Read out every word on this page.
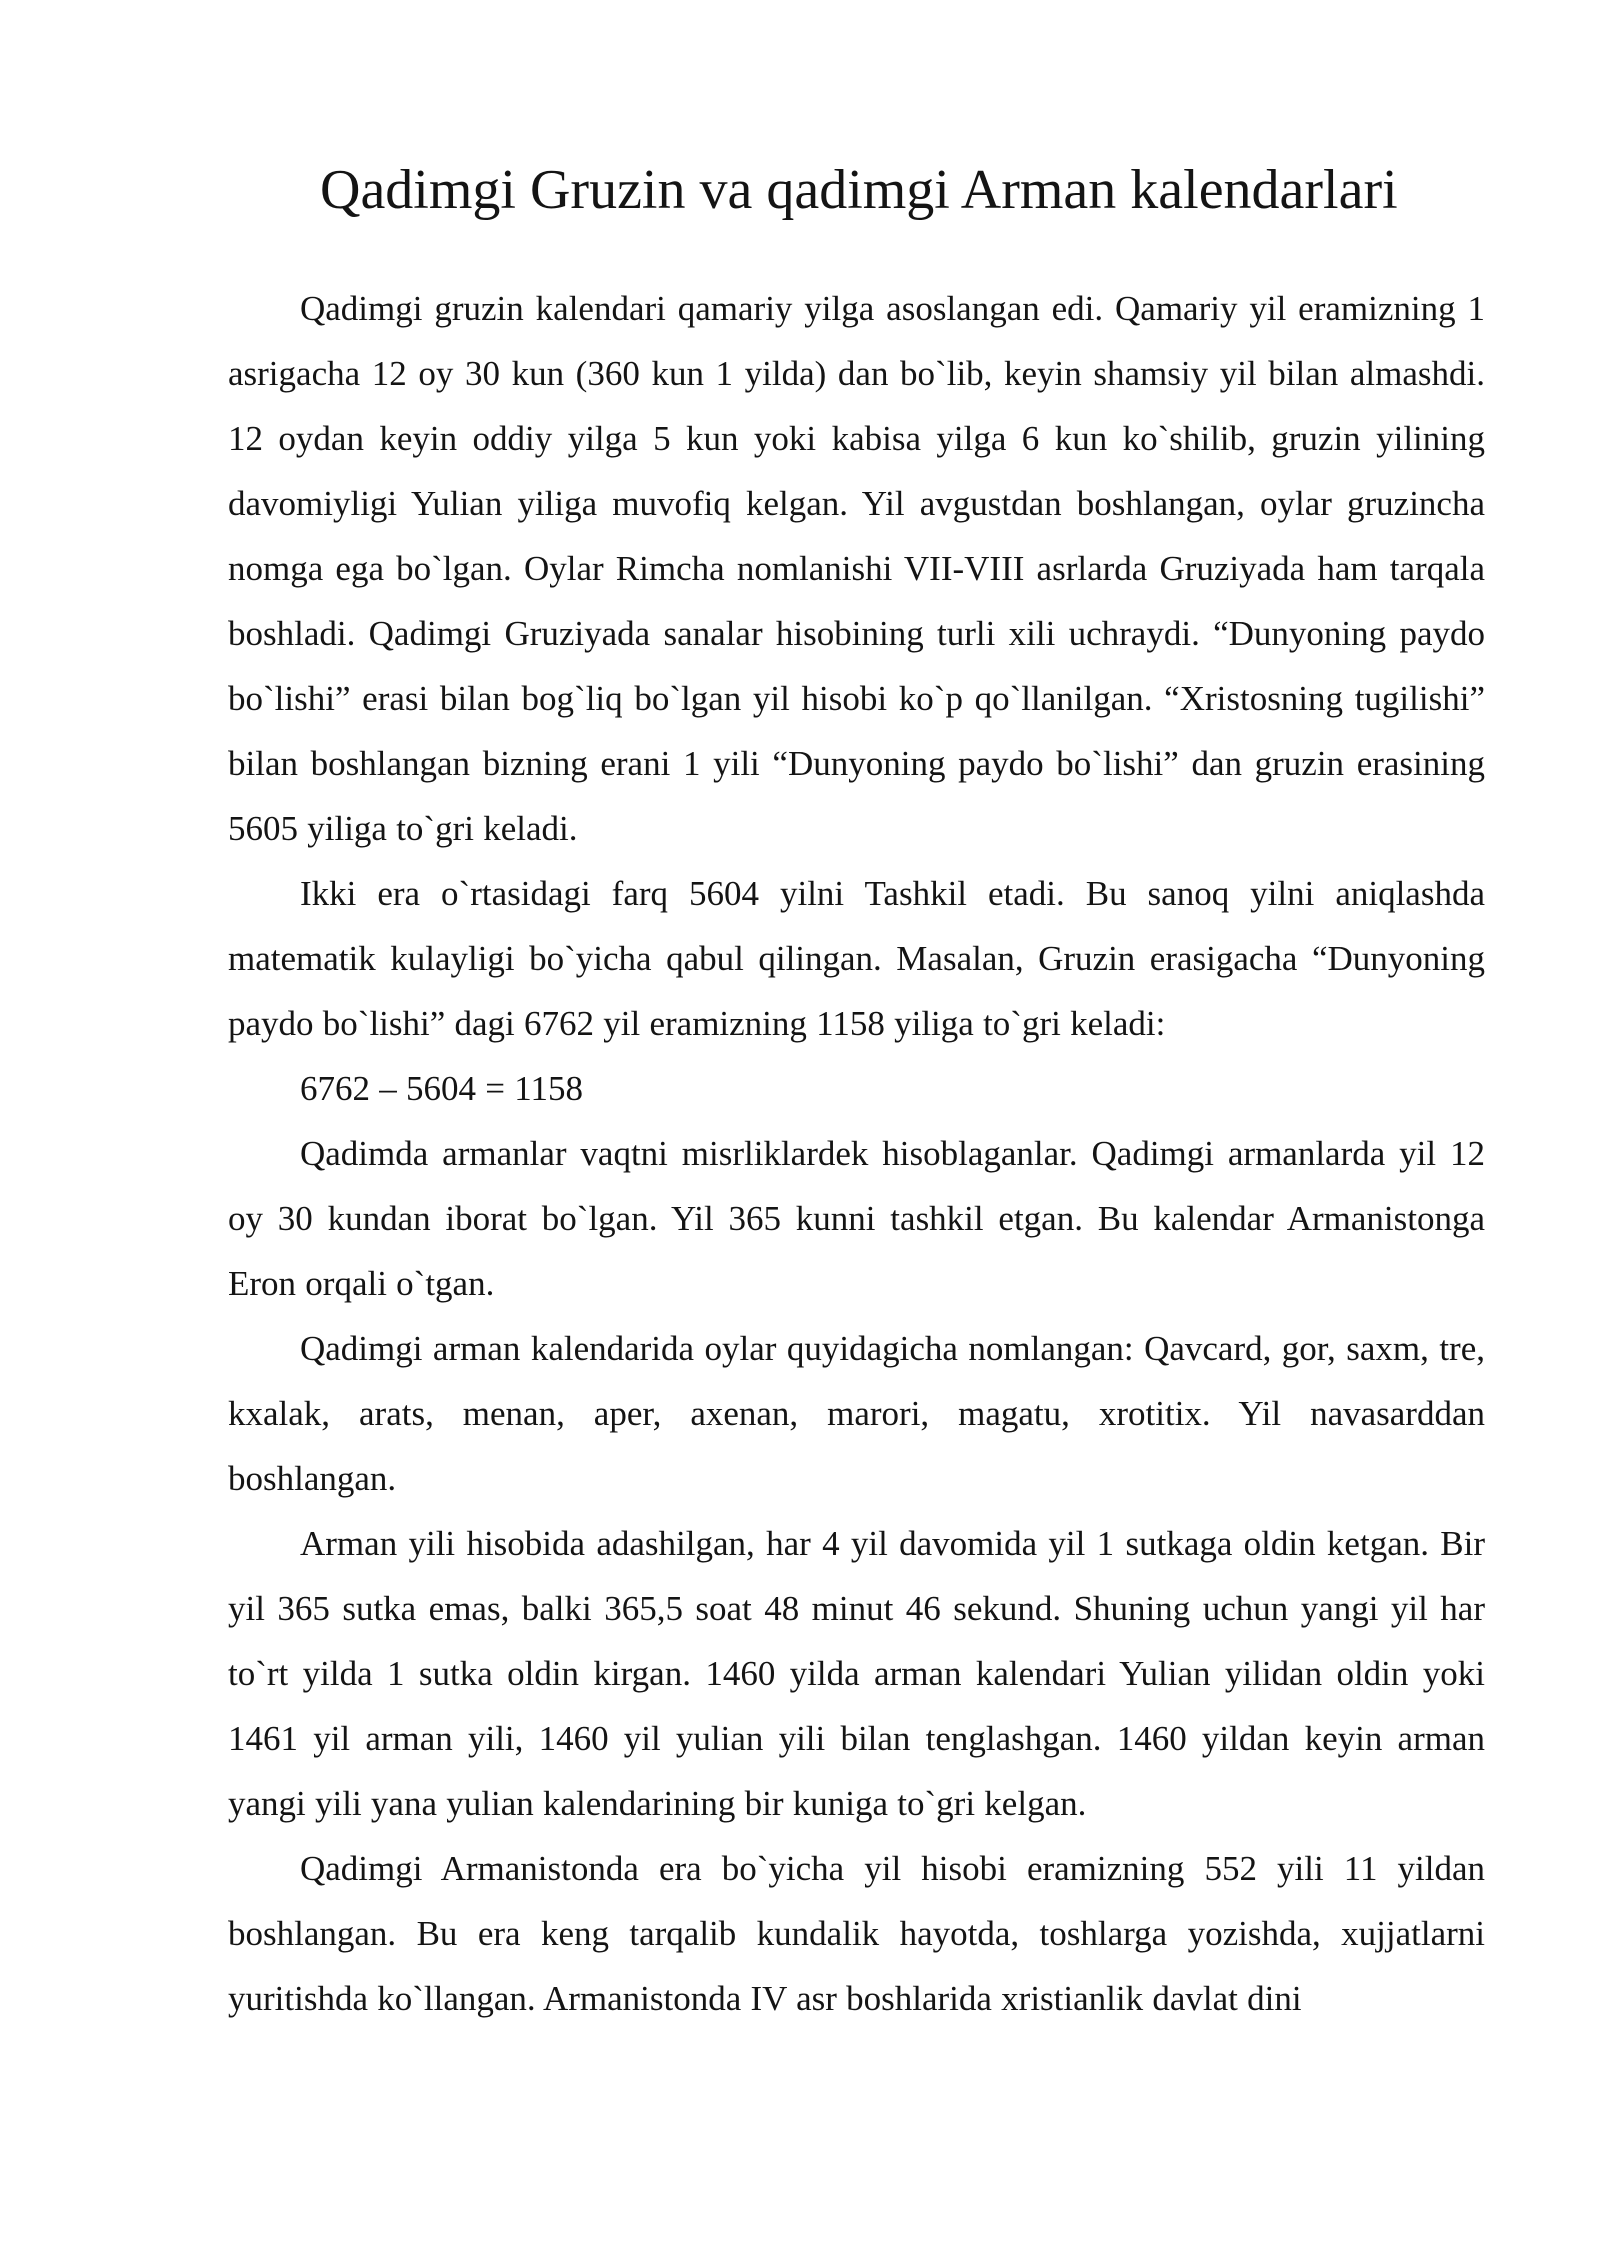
Qadimgi Gruzin va qadimgi Arman kalendarlari

Qadimgi gruzin kalendari qamariy yilga asoslangan edi. Qamariy yil eramizning 1 asrigacha 12 oy 30 kun (360 kun 1 yilda) dan bo`lib, keyin shamsiy yil bilan almashdi. 12 oydan keyin oddiy yilga 5 kun yoki kabisa yilga 6 kun ko`shilib, gruzin yilining davomiyligi Yulian yiliga muvofiq kelgan. Yil avgustdan boshlangan, oylar gruzincha nomga ega bo`lgan. Oylar Rimcha nomlanishi VII-VIII asrlarda Gruziyada ham tarqala boshladi. Qadimgi Gruziyada sanalar hisobining turli xili uchraydi. “Dunyoning paydo bo`lishi” erasi bilan bog`liq bo`lgan yil hisobi ko`p qo`llanilgan. “Xristosning tugilishi” bilan boshlangan bizning erani 1 yili “Dunyoning paydo bo`lishi” dan gruzin erasining 5605 yiliga to`gri keladi.

Ikki era o`rtasidagi farq 5604 yilni Tashkil etadi. Bu sanoq yilni aniqlashda matematik kulayligi bo`yicha qabul qilingan. Masalan, Gruzin erasigacha “Dunyoning paydo bo`lishi” dagi 6762 yil eramizning 1158 yiliga to`gri keladi:

6762 – 5604 = 1158

Qadimda armanlar vaqtni misrliklardek hisoblaganlar. Qadimgi armanlarda yil 12 oy 30 kundan iborat bo`lgan. Yil 365 kunni tashkil etgan. Bu kalendar Armanistonga Eron orqali o`tgan.

Qadimgi arman kalendarida oylar quyidagicha nomlangan: Qavcard, gor, saxm, tre, kxalak, arats, menan, aper, axenan, marori, magatu, xrotitix. Yil navasarddan boshlangan.

Arman yili hisobida adashilgan, har 4 yil davomida yil 1 sutkaga oldin ketgan. Bir yil 365 sutka emas, balki 365,5 soat 48 minut 46 sekund. Shuning uchun yangi yil har to`rt yilda 1 sutka oldin kirgan. 1460 yilda arman kalendari Yulian yilidan oldin yoki 1461 yil arman yili, 1460 yil yulian yili bilan tenglashgan. 1460 yildan keyin arman yangi yili yana yulian kalendarining bir kuniga to`gri kelgan.

Qadimgi Armanistonda era bo`yicha yil hisobi eramizning 552 yili 11 yildan boshlangan. Bu era keng tarqalib kundalik hayotda, toshlarga yozishda, xujjatlarni yuritishda ko`llangan. Armanistonda IV asr boshlarida xristianlik davlat dini
